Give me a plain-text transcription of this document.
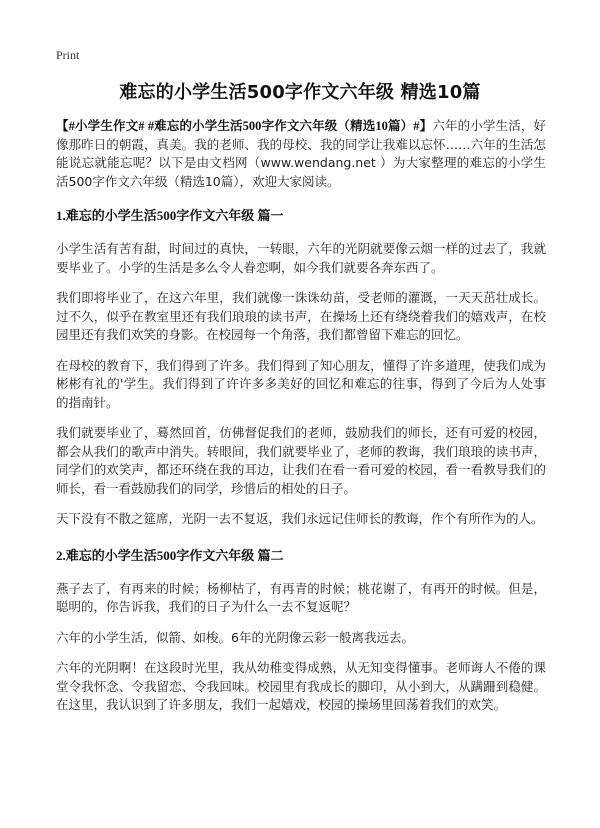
Print
难忘的小学生活500字作文六年级 精选10篇

【#小学生作文# #难忘的小学生活500字作文六年级（精选10篇）#】六年的小学生活，好像那昨日的朝霞，真美。我的老师、我的母校、我的同学让我难以忘怀……六年的生活怎能说忘就能忘呢？以下是由文档网（www.wendang.net ）为大家整理的难忘的小学生活500字作文六年级（精选10篇），欢迎大家阅读。

1.难忘的小学生活500字作文六年级 篇一

小学生活有苦有甜，时间过的真快，一转眼，六年的光阴就要像云烟一样的过去了，我就要毕业了。小学的生活是多么令人眷恋啊，如今我们就要各奔东西了。

我们即将毕业了，在这六年里，我们就像一诛诛幼苗，受老师的灌溉，一天天茁壮成长。过不久，似乎在教室里还有我们琅琅的读书声，在操场上还有绕绕着我们的嬉戏声，在校园里还有我们欢笑的身影。在校园每一个角落，我们都曾留下难忘的回忆。

在母校的教育下，我们得到了许多。我们得到了知心朋友，懂得了许多道理，使我们成为彬彬有礼的'学生。我们得到了许许多多美好的回忆和难忘的往事，得到了今后为人处事的指南针。

我们就要毕业了，蓦然回首，仿佛督促我们的老师，鼓励我们的师长，还有可爱的校园，都会从我们的歌声中消失。转眼间，我们就要毕业了，老师的教诲，我们琅琅的读书声，同学们的欢笑声，都还环绕在我的耳边，让我们在看一看可爱的校园，看一看教导我们的师长，看一看鼓励我们的同学，珍惜后的相处的日子。

天下没有不散之筵席，光阴一去不复返，我们永远记住师长的教诲，作个有所作为的人。

2.难忘的小学生活500字作文六年级 篇二

燕子去了，有再来的时候；杨柳枯了，有再青的时候；桃花谢了，有再开的时候。但是，聪明的，你告诉我，我们的日子为什么一去不复返呢？

六年的小学生活，似箭、如梭。6年的光阴像云彩一般离我远去。

六年的光阴啊！在这段时光里，我从幼稚变得成熟，从无知变得懂事。老师诲人不倦的课堂令我怀念、令我留恋、令我回味。校园里有我成长的脚印，从小到大，从蹒跚到稳健。在这里，我认识到了许多朋友，我们一起嬉戏，校园的操场里回荡着我们的欢笑。
